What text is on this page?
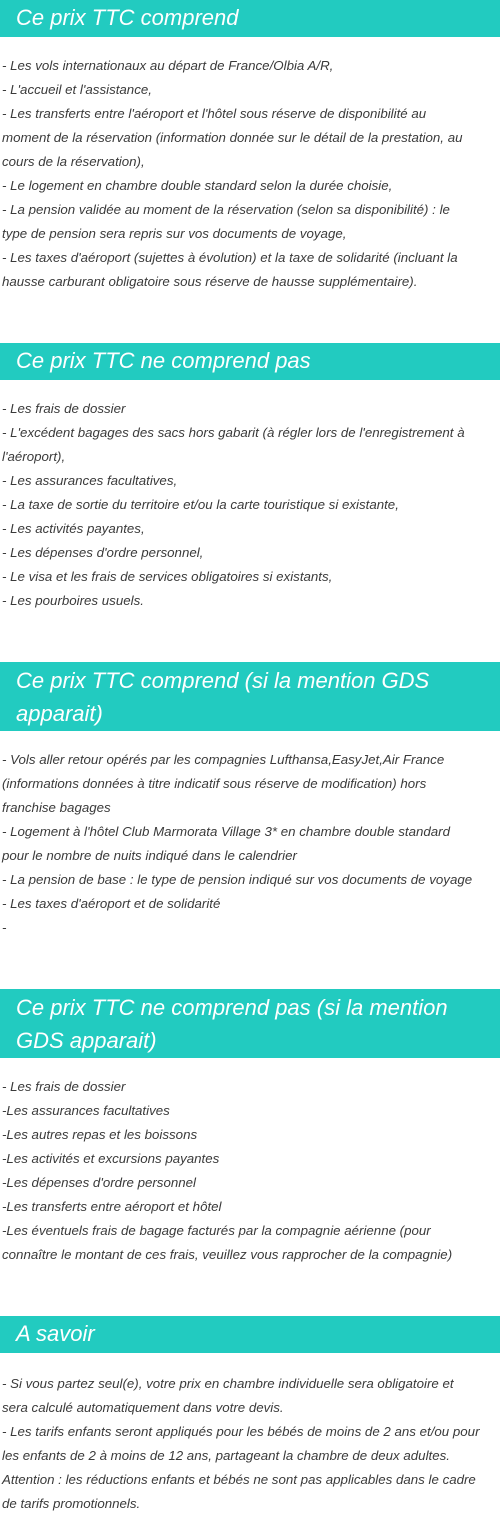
Ce prix TTC comprend
- Les vols internationaux au départ de France/Olbia A/R,
- L'accueil et l'assistance,
- Les transferts entre l'aéroport et l'hôtel sous réserve de disponibilité au
moment de la réservation (information donnée sur le détail de la prestation, au
cours de la réservation),
- Le logement en chambre double standard selon la durée choisie,
- La pension validée au moment de la réservation (selon sa disponibilité) : le
type de pension sera repris sur vos documents de voyage,
- Les taxes d'aéroport (sujettes à évolution) et la taxe de solidarité (incluant la
hausse carburant obligatoire sous réserve de hausse supplémentaire).
Ce prix TTC ne comprend pas
- Les frais de dossier
- L'excédent bagages des sacs hors gabarit (à régler lors de l'enregistrement à
l'aéroport),
- Les assurances facultatives,
- La taxe de sortie du territoire et/ou la carte touristique si existante,
- Les activités payantes,
- Les dépenses d'ordre personnel,
- Le visa et les frais de services obligatoires si existants,
- Les pourboires usuels.
Ce prix TTC comprend (si la mention GDS
apparait)
- Vols aller retour opérés par les compagnies Lufthansa,EasyJet,Air France
(informations données à titre indicatif sous réserve de modification) hors
franchise bagages
- Logement à l'hôtel Club Marmorata Village 3* en chambre double standard
pour le nombre de nuits indiqué dans le calendrier
- La pension de base : le type de pension indiqué sur vos documents de voyage
- Les taxes d'aéroport et de solidarité
-
Ce prix TTC ne comprend pas (si la mention
GDS apparait)
- Les frais de dossier
-Les assurances facultatives
-Les autres repas et les boissons
-Les activités et excursions payantes
-Les dépenses d'ordre personnel
-Les transferts entre aéroport et hôtel
-Les éventuels frais de bagage facturés par la compagnie aérienne (pour
connaître le montant de ces frais, veuillez vous rapprocher de la compagnie)
A savoir
- Si vous partez seul(e), votre prix en chambre individuelle sera obligatoire et
sera calculé automatiquement dans votre devis.
- Les tarifs enfants seront appliqués pour les bébés de moins de 2 ans et/ou pour
les enfants de 2 à moins de 12 ans, partageant la chambre de deux adultes.
Attention : les réductions enfants et bébés ne sont pas applicables dans le cadre
de tarifs promotionnels.
